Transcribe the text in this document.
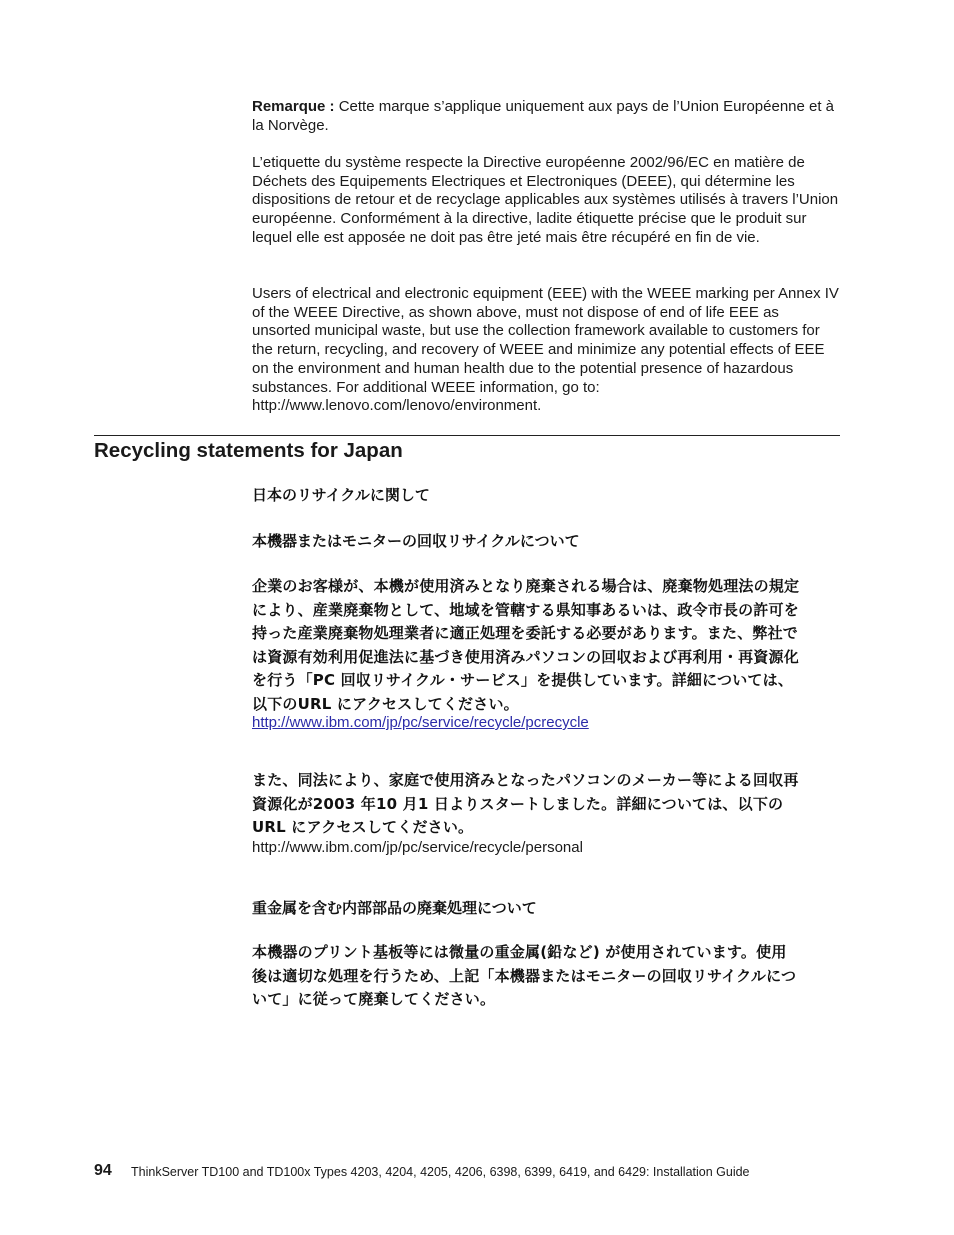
Remarque : Cette marque s’applique uniquement aux pays de l’Union Européenne et à la Norvège.

L’etiquette du système respecte la Directive européenne 2002/96/EC en matière de Déchets des Equipements Electriques et Electroniques (DEEE), qui détermine les dispositions de retour et de recyclage applicables aux systèmes utilisés à travers l’Union européenne. Conformément à la directive, ladite étiquette précise que le produit sur lequel elle est apposée ne doit pas être jeté mais être récupéré en fin de vie.

Users of electrical and electronic equipment (EEE) with the WEEE marking per Annex IV of the WEEE Directive, as shown above, must not dispose of end of life EEE as unsorted municipal waste, but use the collection framework available to customers for the return, recycling, and recovery of WEEE and minimize any potential effects of EEE on the environment and human health due to the potential presence of hazardous substances. For additional WEEE information, go to: http://www.lenovo.com/lenovo/environment.

Recycling statements for Japan

日本のリサイクルに関して

本機器またはモニターの回収リサイクルについて

企業のお客様が、本機が使用済みとなり廃棄される場合は、廃棄物処理法の規定

により、産業廃棄物として、地域を管轄する県知事あるいは、政令市長の許可を

持った産業廃棄物処理業者に適正処理を委託する必要があります。また、弊社で

は資源有効利用促進法に基づき使用済みパソコンの回収および再利用・再資源化

を行う「PC 回収リサイクル・サービス」を提供しています。詳細については、

以下のURL にアクセスしてください。

http://www.ibm.com/jp/pc/service/recycle/pcrecycle

また、同法により、家庭で使用済みとなったパソコンのメーカー等による回収再

資源化が2003 年10 月1 日よりスタートしました。詳細については、以下の

URL にアクセスしてください。

http://www.ibm.com/jp/pc/service/recycle/personal

重金属を含む内部部品の廃棄処理について

本機器のプリント基板等には微量の重金属(鉛など) が使用されています。使用

後は適切な処理を行うため、上記「本機器またはモニターの回収リサイクルにつ

いて」に従って廃棄してください。

94 ThinkServer TD100 and TD100x Types 4203, 4204, 4205, 4206, 6398, 6399, 6419, and 6429: Installation Guide
